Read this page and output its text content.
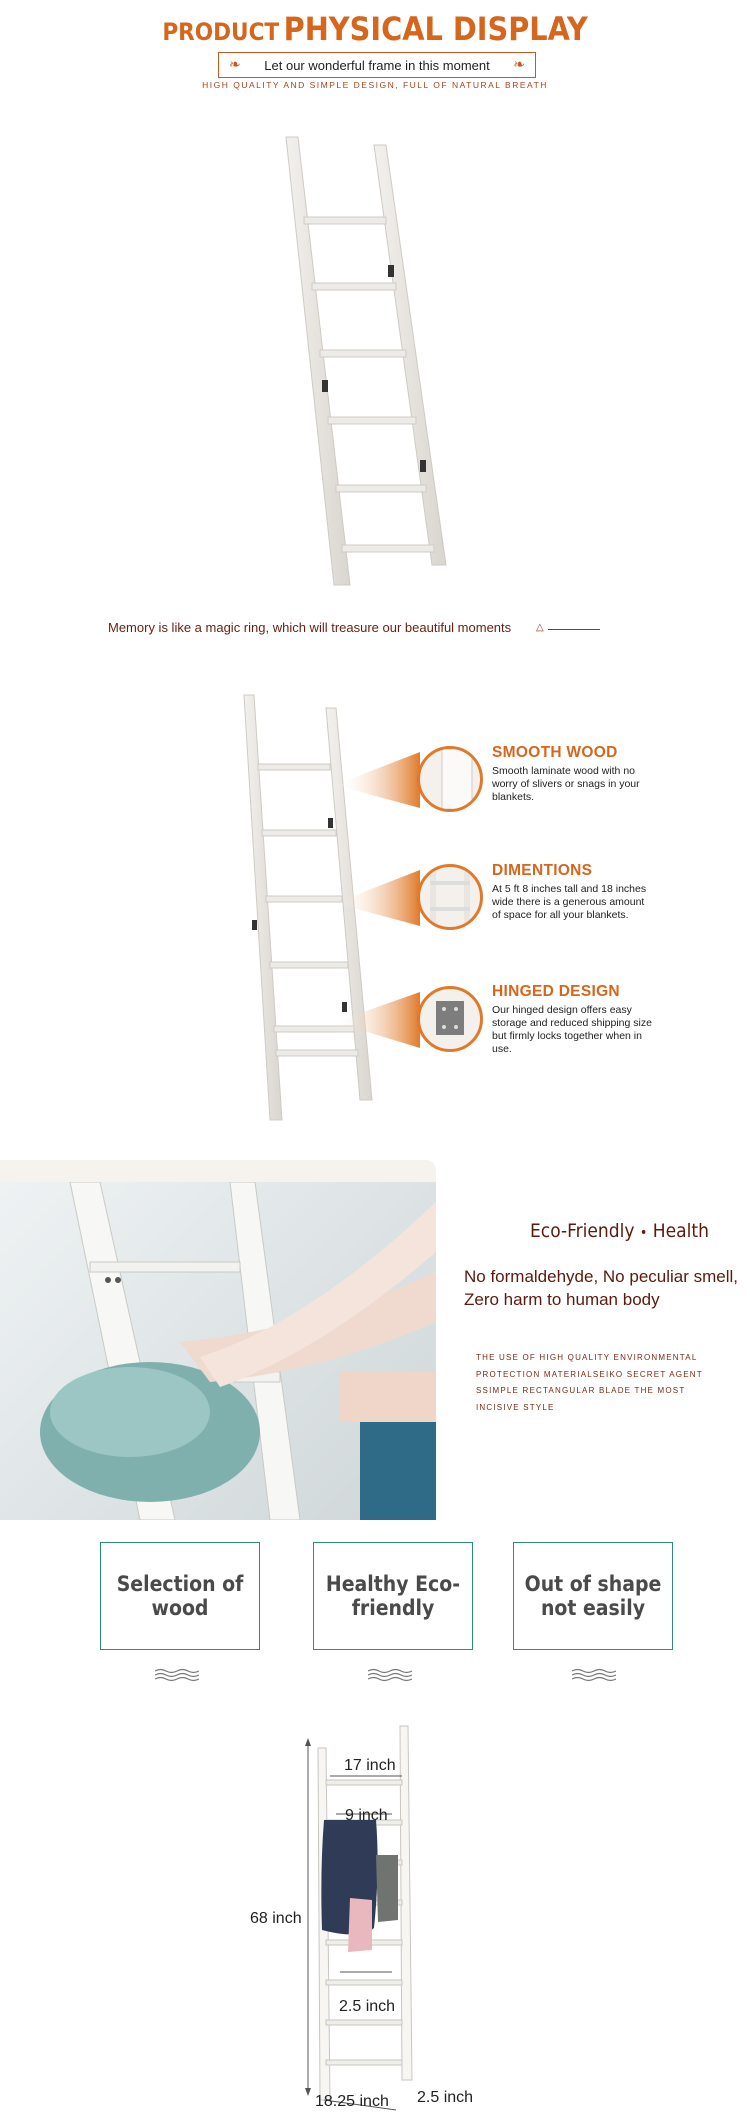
PRODUCT PHYSICAL DISPLAY
❧ Let our wonderful frame in this moment ❧
HIGH QUALITY AND SIMPLE DESIGN, FULL OF NATURAL BREATH
Memory is like a magic ring, which will treasure our beautiful moments △
SMOOTH WOOD
Smooth laminate wood with no worry of slivers or snags in your blankets.
DIMENTIONS
At 5 ft 8 inches tall and 18 inches wide there is a generous amount of space for all your blankets.
HINGED DESIGN
Our hinged design offers easy storage and reduced shipping size but firmly locks together when in use.
Eco-Friendly • Health
No formaldehyde, No peculiar smell, Zero harm to human body
THE USE OF HIGH QUALITY ENVIRONMENTAL PROTECTION MATERIALSEIKO SECRET AGENT SSIMPLE RECTANGULAR BLADE THE MOST INCISIVE STYLE
Selection of wood
Healthy Eco-friendly
Out of shape not easily
17 inch
9 inch
68 inch
2.5 inch
18.25 inch 2.5 inch
